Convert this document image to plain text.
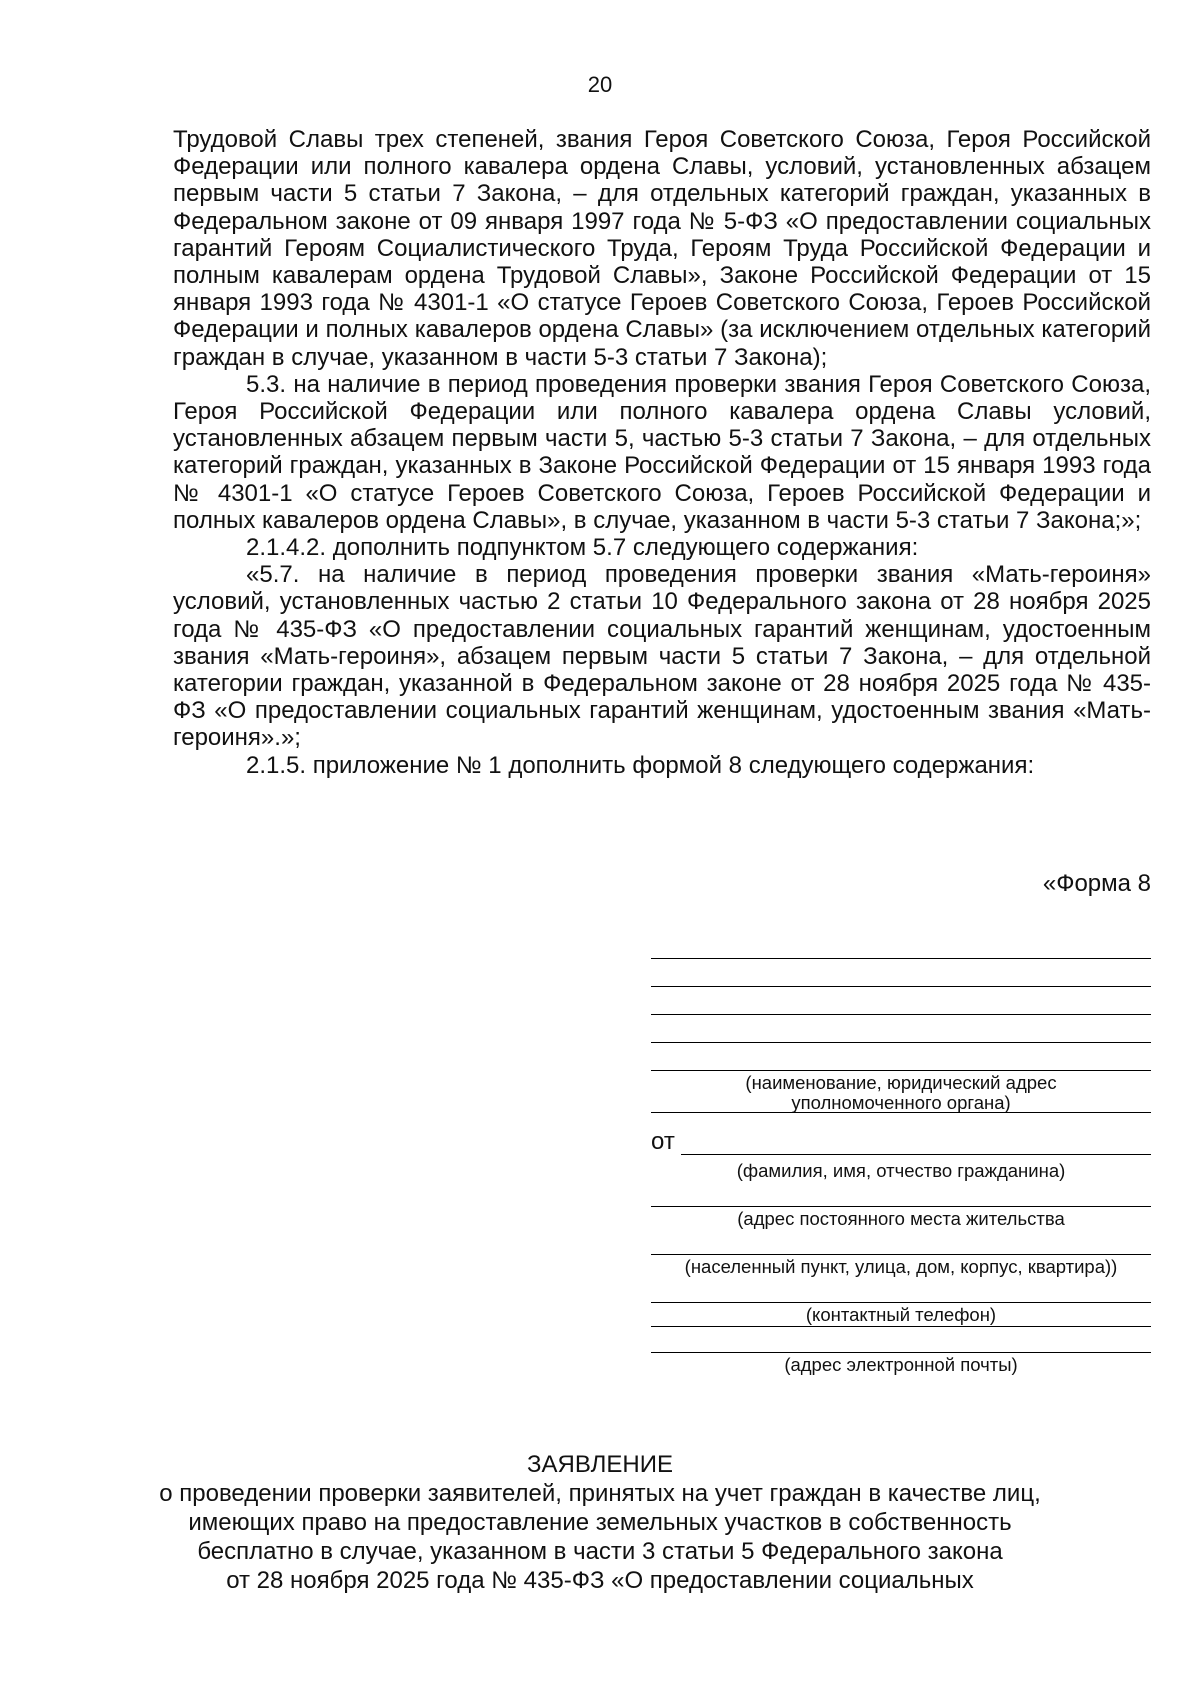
20

Трудовой Славы трех степеней, звания Героя Советского Союза, Героя Российской Федерации или полного кавалера ордена Славы, условий, установленных абзацем первым части 5 статьи 7 Закона, – для отдельных категорий граждан, указанных в Федеральном законе от 09 января 1997 года № 5-ФЗ «О предоставлении социальных гарантий Героям Социалистического Труда, Героям Труда Российской Федерации и полным кавалерам ордена Трудовой Славы», Законе Российской Федерации от 15 января 1993 года № 4301-1 «О статусе Героев Советского Союза, Героев Российской Федерации и полных кавалеров ордена Славы» (за исключением отдельных категорий граждан в случае, указанном в части 5-3 статьи 7 Закона);

5.3. на наличие в период проведения проверки звания Героя Советского Союза, Героя Российской Федерации или полного кавалера ордена Славы условий, установленных абзацем первым части 5, частью 5-3 статьи 7 Закона, – для отдельных категорий граждан, указанных в Законе Российской Федерации от 15 января 1993 года № 4301-1 «О статусе Героев Советского Союза, Героев Российской Федерации и полных кавалеров ордена Славы», в случае, указанном в части 5-3 статьи 7 Закона;»;

2.1.4.2. дополнить подпунктом 5.7 следующего содержания:

«5.7. на наличие в период проведения проверки звания «Мать-героиня» условий, установленных частью 2 статьи 10 Федерального закона от 28 ноября 2025 года № 435-ФЗ «О предоставлении социальных гарантий женщинам, удостоенным звания «Мать-героиня», абзацем первым части 5 статьи 7 Закона, – для отдельной категории граждан, указанной в Федеральном законе от 28 ноября 2025 года № 435-ФЗ «О предоставлении социальных гарантий женщинам, удостоенным звания «Мать-героиня».»;

2.1.5. приложение № 1 дополнить формой 8 следующего содержания:

«Форма 8
(наименование, юридический адрес
уполномоченного органа)
от
(фамилия, имя, отчество гражданина)
(адрес постоянного места жительства
(населенный пункт, улица, дом, корпус, квартира))
(контактный телефон)
(адрес электронной почты)

ЗАЯВЛЕНИЕ

о проведении проверки заявителей, принятых на учет граждан в качестве лиц,

имеющих право на предоставление земельных участков в собственность

бесплатно в случае, указанном в части 3 статьи 5 Федерального закона

от 28 ноября 2025 года № 435-ФЗ «О предоставлении социальных
